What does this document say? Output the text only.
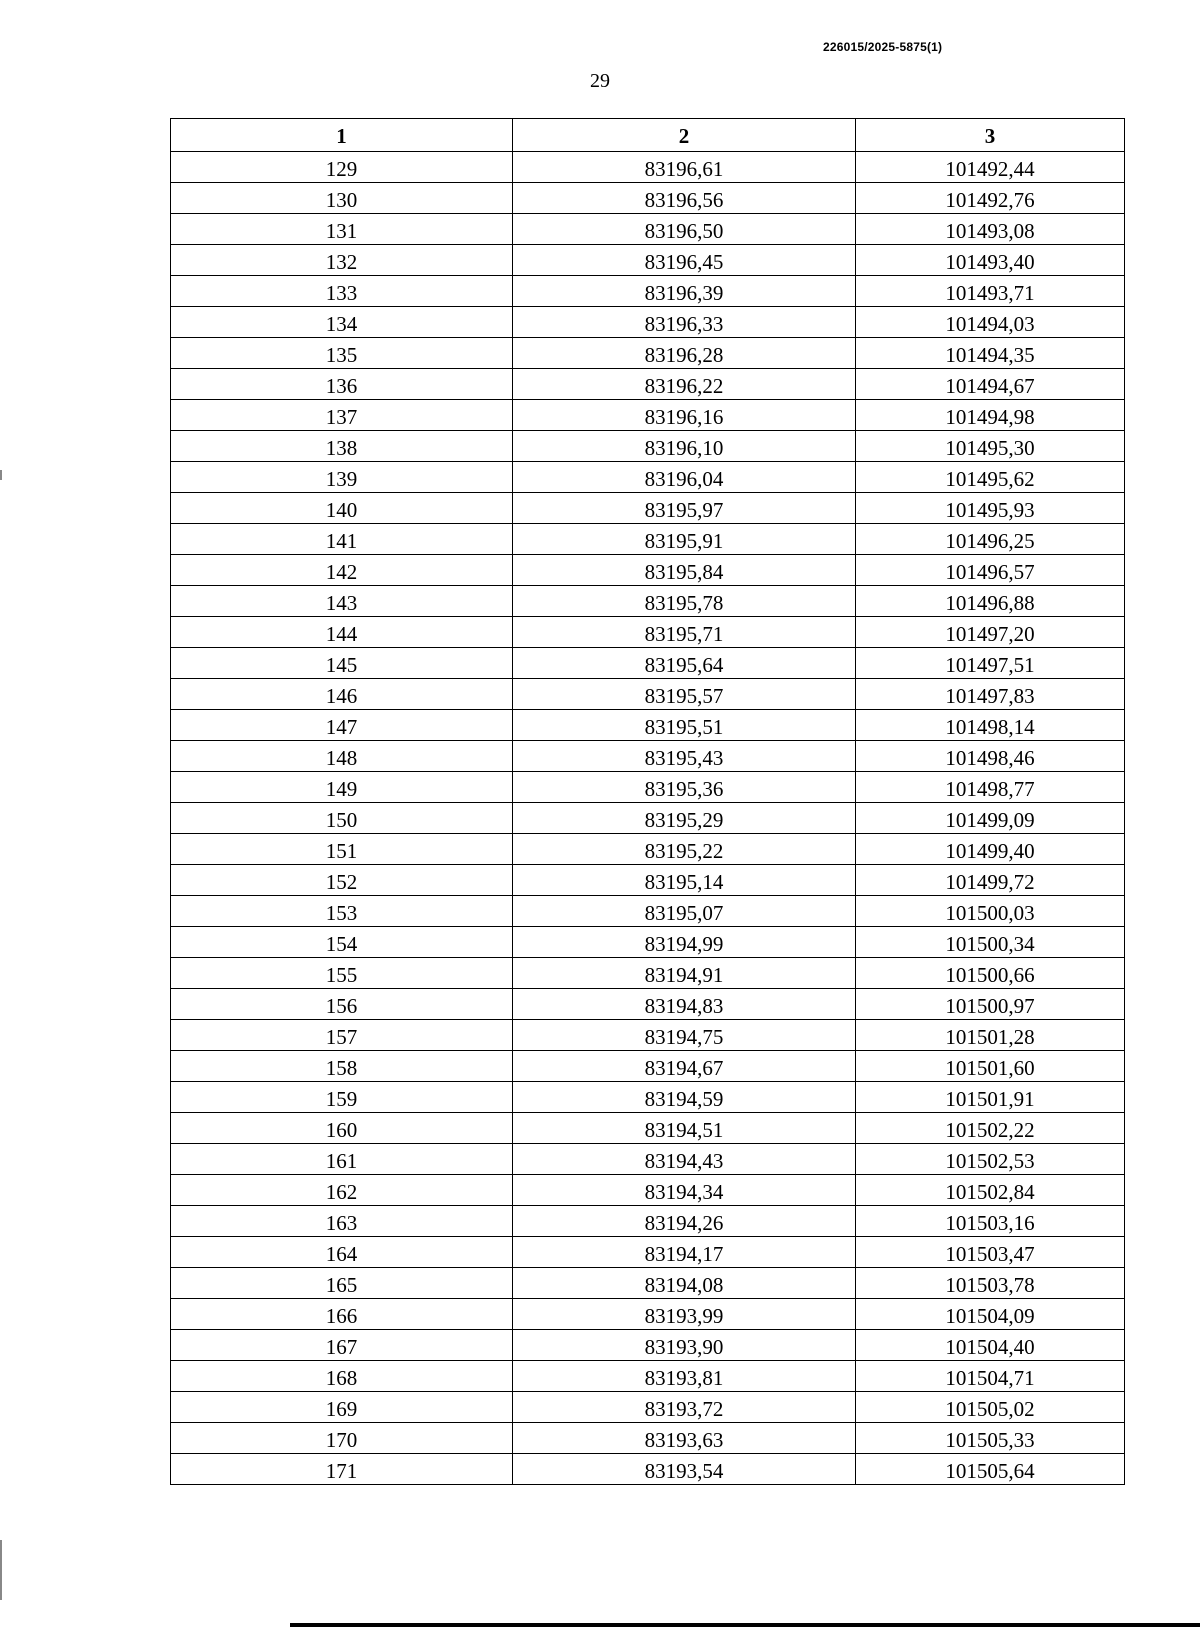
226015/2025-5875(1)
29
1	2	3
129	83196,61	101492,44
130	83196,56	101492,76
131	83196,50	101493,08
132	83196,45	101493,40
133	83196,39	101493,71
134	83196,33	101494,03
135	83196,28	101494,35
136	83196,22	101494,67
137	83196,16	101494,98
138	83196,10	101495,30
139	83196,04	101495,62
140	83195,97	101495,93
141	83195,91	101496,25
142	83195,84	101496,57
143	83195,78	101496,88
144	83195,71	101497,20
145	83195,64	101497,51
146	83195,57	101497,83
147	83195,51	101498,14
148	83195,43	101498,46
149	83195,36	101498,77
150	83195,29	101499,09
151	83195,22	101499,40
152	83195,14	101499,72
153	83195,07	101500,03
154	83194,99	101500,34
155	83194,91	101500,66
156	83194,83	101500,97
157	83194,75	101501,28
158	83194,67	101501,60
159	83194,59	101501,91
160	83194,51	101502,22
161	83194,43	101502,53
162	83194,34	101502,84
163	83194,26	101503,16
164	83194,17	101503,47
165	83194,08	101503,78
166	83193,99	101504,09
167	83193,90	101504,40
168	83193,81	101504,71
169	83193,72	101505,02
170	83193,63	101505,33
171	83193,54	101505,64
